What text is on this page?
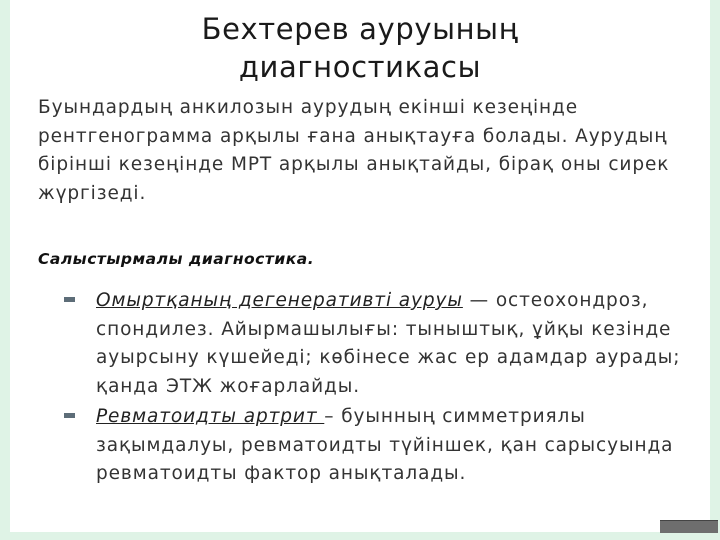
Бехтерев ауруының
диагностикасы
Буындардың анкилозын аурудың екінші кезеңінде рентгенограмма арқылы ғана анықтауға болады. Аурудың бірінші кезеңінде МРТ арқылы анықтайды, бірақ оны сирек жүргізеді.
Салыстырмалы диагностика.
Омыртқаның дегенеративті ауруы — остеохондроз, спондилез. Айырмашылығы: тыныштық, ұйқы кезінде ауырсыну күшейеді; көбінесе жас ер адамдар аурады; қанда ЭТЖ жоғарлайды.
Ревматоидты артрит – буынның симметриялы зақымдалуы, ревматоидты түйіншек, қан сарысуында ревматоидты фактор анықталады.
